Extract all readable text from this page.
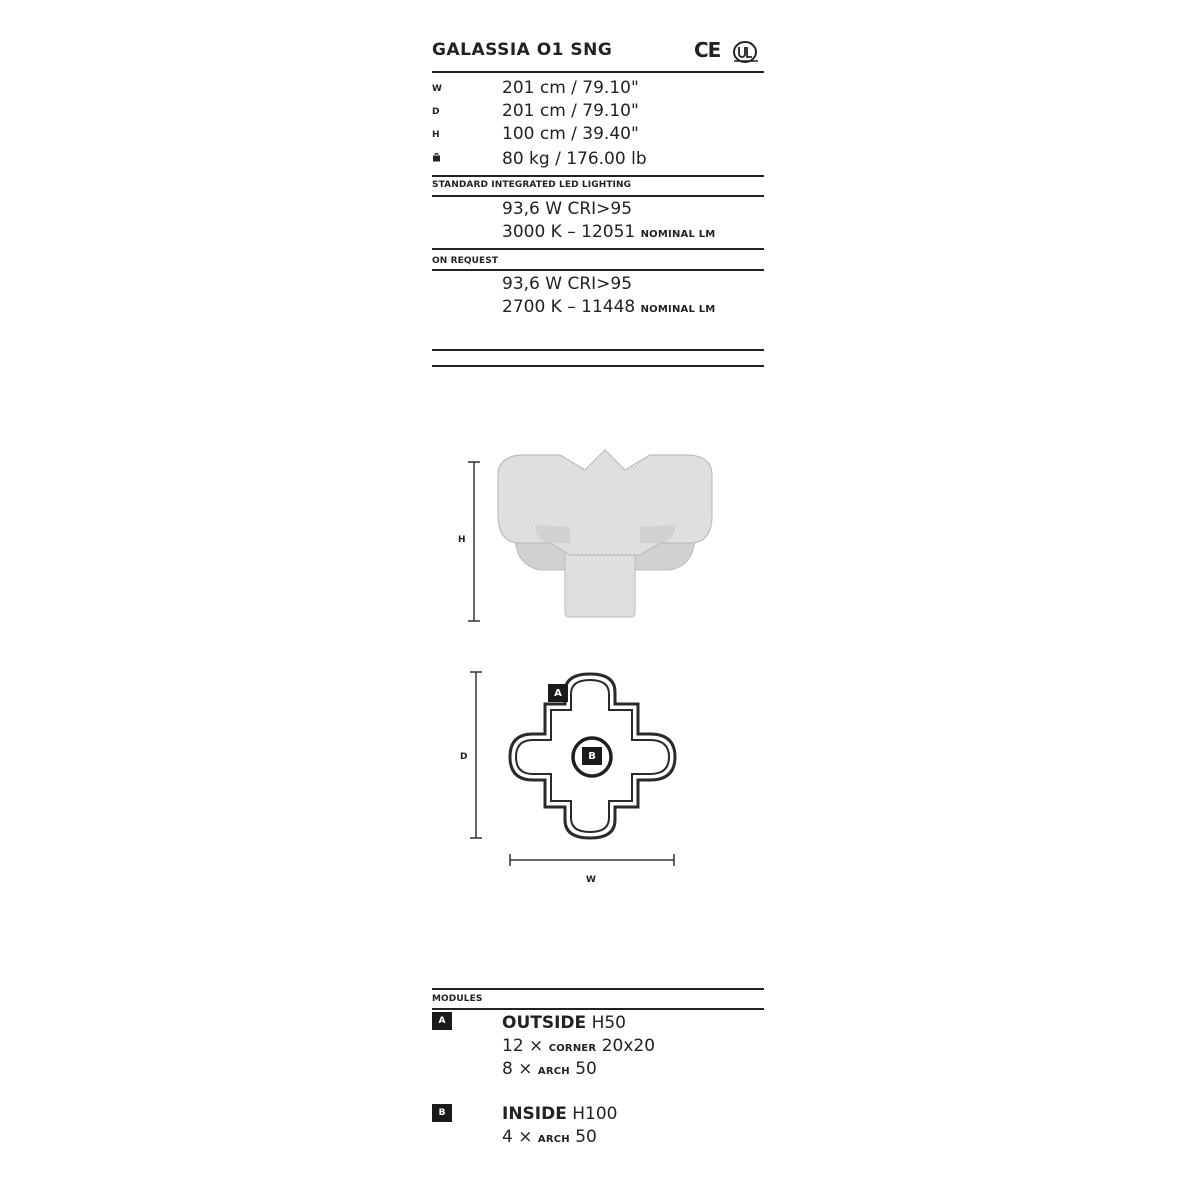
GALASSIA O1 SNG	CE
W	201 cm / 79.10"
D	201 cm / 79.10"
H	100 cm / 39.40"
80 kg / 176.00 lb
STANDARD INTEGRATED LED LIGHTING
93,6 W CRI>95
3000 K – 12051 NOMINAL LM
ON REQUEST
93,6 W CRI>95
2700 K – 11448 NOMINAL LM
H
D
A
B
W
MODULES
A	OUTSIDE H50
12 × CORNER 20x20
8 × ARCH 50
B	INSIDE H100
4 × ARCH 50
